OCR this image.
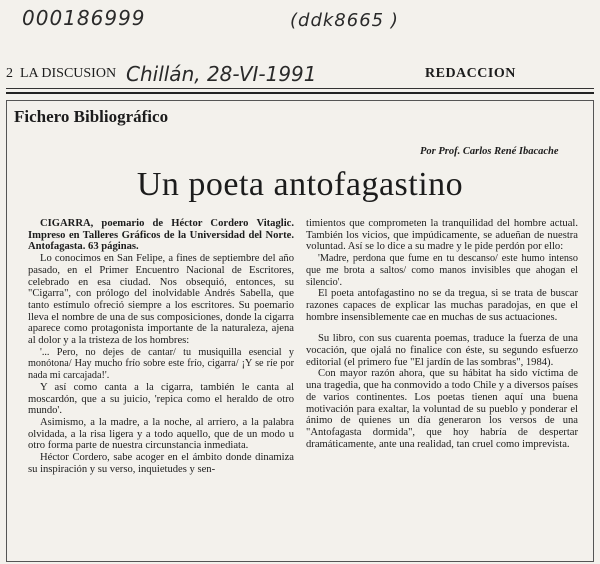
000186999	(ddk8665 )
2 LA DISCUSION Chillán, 28-VI-1991	REDACCION
Fichero Bibliográfico
Por Prof. Carlos René Ibacache
Un poeta antofagastino

CIGARRA, poemario de Héctor Cordero Vitaglic. Impreso en Talleres Gráficos de la Universidad del Norte. Antofagasta. 63 páginas.

Lo conocimos en San Felipe, a fines de septiembre del año pasado, en el Primer Encuentro Nacional de Escritores, celebrado en esa ciudad. Nos obsequió, entonces, su "Cigarra", con prólogo del inolvidable Andrés Sabella, que tanto estímulo ofreció siempre a los escritores. Su poemario lleva el nombre de una de sus composiciones, donde la cigarra aparece como protagonista importante de la naturaleza, ajena al dolor y a la tristeza de los hombres:

'... Pero, no dejes de cantar/ tu musiquilla esencial y monótona/ Hay mucho frío sobre este frío, cigarra/ ¡Y se ríe por nada mi carcajada!'.

Y así como canta a la cigarra, también le canta al moscardón, que a su juicio, 'repica como el heraldo de otro mundo'.

Asimismo, a la madre, a la noche, al arriero, a la palabra olvidada, a la risa ligera y a todo aquello, que de un modo u otro forma parte de nuestra circunstancia inmediata.

Héctor Cordero, sabe acoger en el ámbito donde dinamiza su inspiración y su verso, inquietudes y sen-

timientos que comprometen la tranquilidad del hombre actual. También los vicios, que impúdicamente, se adueñan de nuestra voluntad. Así se lo dice a su madre y le pide perdón por ello:

'Madre, perdona que fume en tu descanso/ este humo intenso que me brota a saltos/ como manos invisibles que ahogan el silencio'.

El poeta antofagastino no se da tregua, si se trata de buscar razones capaces de explicar las muchas paradojas, en que el hombre insensiblemente cae en muchas de sus actuaciones.

Su libro, con sus cuarenta poemas, traduce la fuerza de una vocación, que ojalá no finalice con éste, su segundo esfuerzo editorial (el primero fue "El jardín de las sombras", 1984).

Con mayor razón ahora, que su hábitat ha sido víctima de una tragedia, que ha conmovido a todo Chile y a diversos países de varios continentes. Los poetas tienen aquí una buena motivación para exaltar, la voluntad de su pueblo y ponderar el ánimo de quienes un día generaron los versos de una "Antofagasta dormida", que hoy habría de despertar dramáticamente, ante una realidad, tan cruel como imprevista.
